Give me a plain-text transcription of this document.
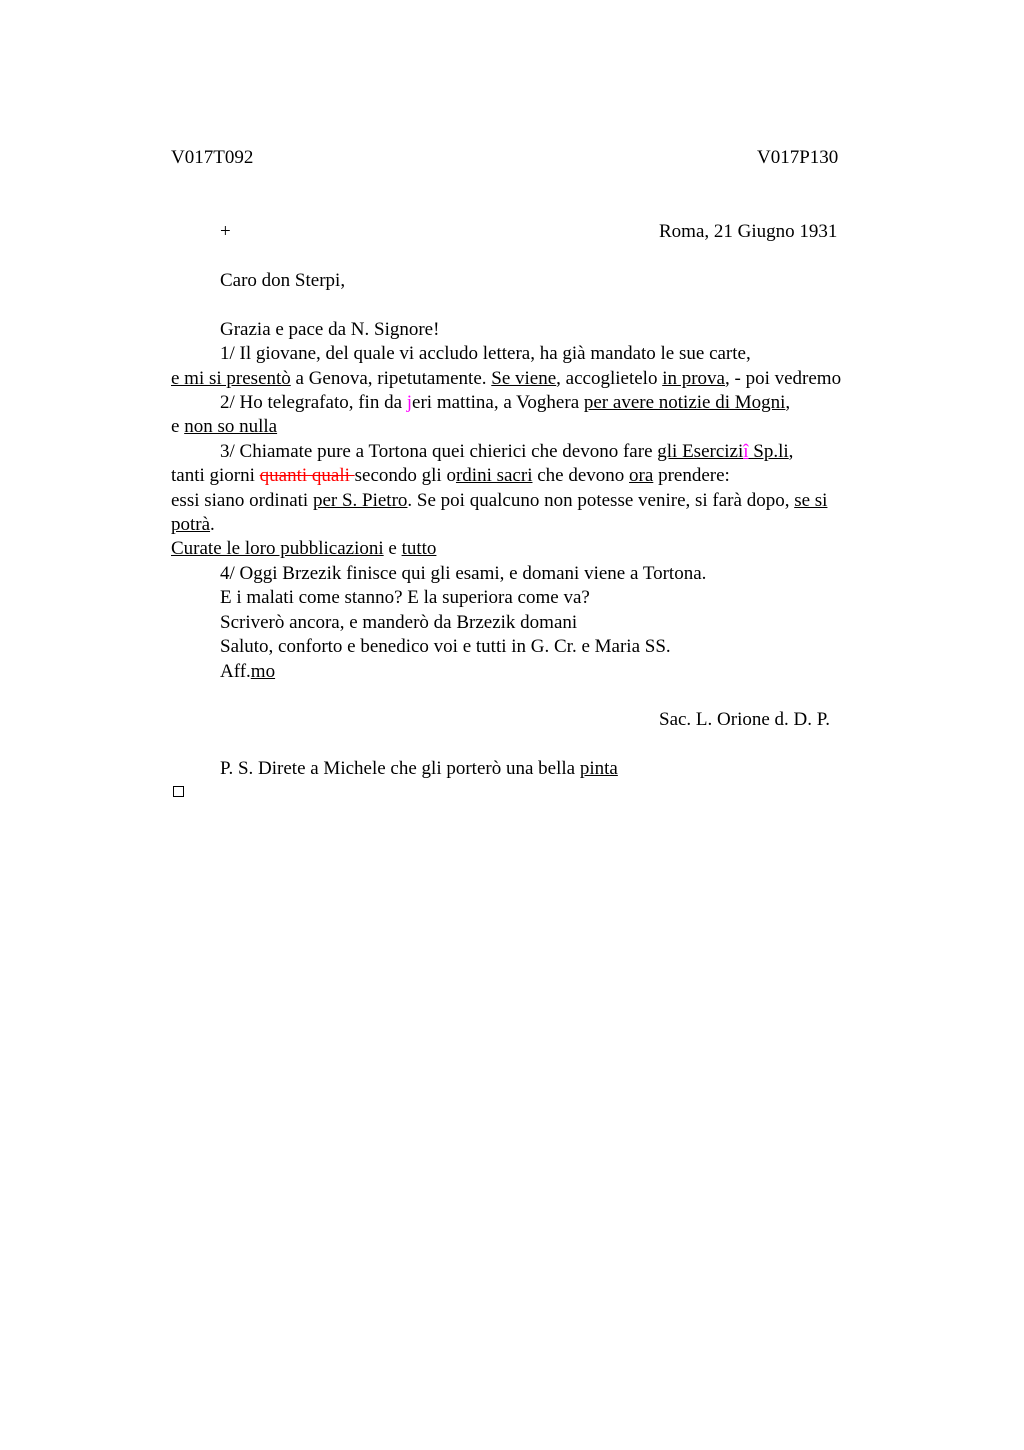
V017T092	V017P130
+	Roma, 21 Giugno 1931
Caro don Sterpi,
Grazia e pace da N. Signore!
1/ Il giovane, del quale vi accludo lettera, ha già mandato le sue carte,
e mi si presentò a Genova, ripetutamente. Se viene, accoglietelo in prova, - poi vedremo
2/ Ho telegrafato, fin da jeri mattina, a Voghera per avere notizie di Mogni,
e non so nulla
3/ Chiamate pure a Tortona quei chierici che devono fare gli Eserciziî Sp.li,
tanti giorni quanti quali secondo gli ordini sacri che devono ora prendere:
essi siano ordinati per S. Pietro. Se poi qualcuno non potesse venire, si farà dopo, se si
potrà.
Curate le loro pubblicazioni e tutto
4/ Oggi Brzezik finisce qui gli esami, e domani viene a Tortona.
E i malati come stanno? E la superiora come va?
Scriverò ancora, e manderò da Brzezik domani
Saluto, conforto e benedico voi e tutti in G. Cr. e Maria SS.
Aff.mo
Sac. L. Orione d. D. P.
P. S. Direte a Michele che gli porterò una bella pinta
